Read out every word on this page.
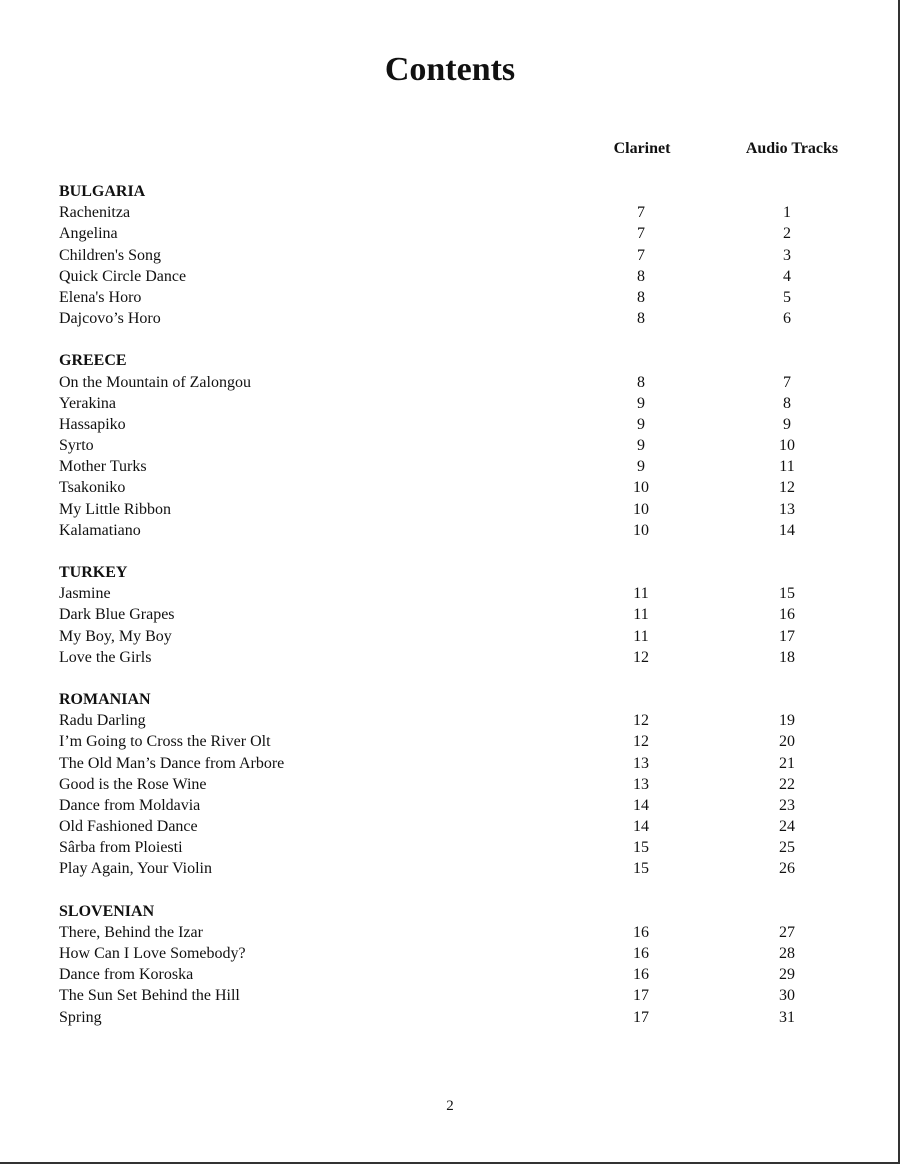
Contents
Clarinet	Audio Tracks
BULGARIA
Rachenitza	7	1
Angelina	7	2
Children's Song	7	3
Quick Circle Dance	8	4
Elena's Horo	8	5
Dajcovo’s Horo	8	6
GREECE
On the Mountain of Zalongou	8	7
Yerakina	9	8
Hassapiko	9	9
Syrto	9	10
Mother Turks	9	11
Tsakoniko	10	12
My Little Ribbon	10	13
Kalamatiano	10	14
TURKEY
Jasmine	11	15
Dark Blue Grapes	11	16
My Boy, My Boy	11	17
Love the Girls	12	18
ROMANIAN
Radu Darling	12	19
I’m Going to Cross the River Olt	12	20
The Old Man’s Dance from Arbore	13	21
Good is the Rose Wine	13	22
Dance from Moldavia	14	23
Old Fashioned Dance	14	24
Sârba from Ploiesti	15	25
Play Again, Your Violin	15	26
SLOVENIAN
There, Behind the Izar	16	27
How Can I Love Somebody?	16	28
Dance from Koroska	16	29
The Sun Set Behind the Hill	17	30
Spring	17	31
2
